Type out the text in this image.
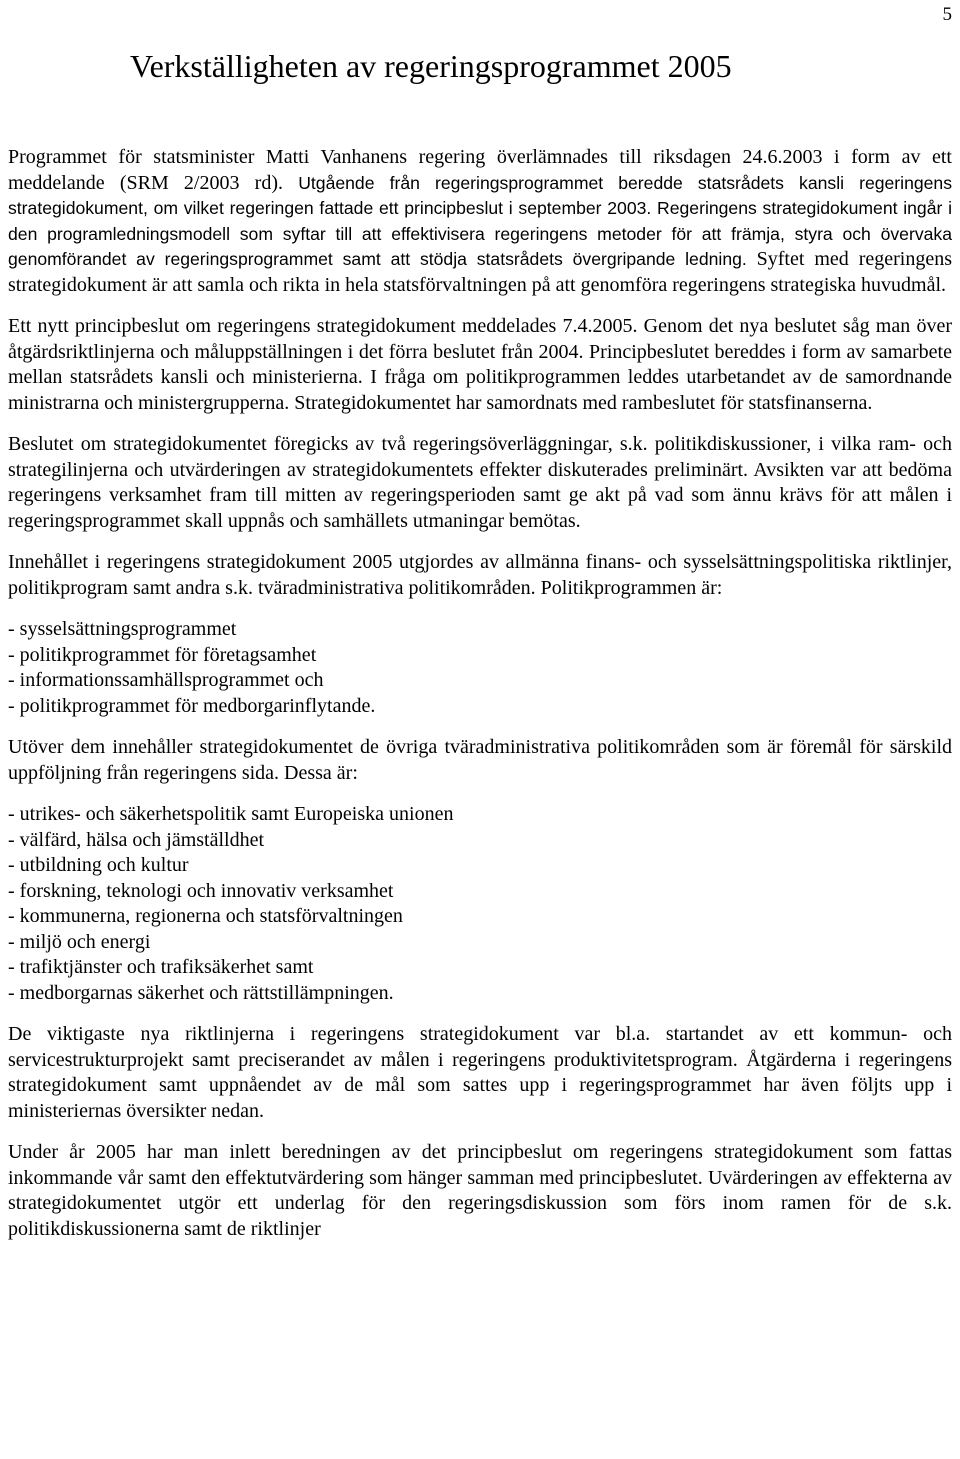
5
Verkställigheten av regeringsprogrammet 2005

Programmet för statsminister Matti Vanhanens regering överlämnades till riksdagen 24.6.2003 i form av ett meddelande (SRM 2/2003 rd). Utgående från regeringsprogrammet beredde statsrådets kansli regeringens strategidokument, om vilket regeringen fattade ett principbeslut i september 2003. Regeringens strategidokument ingår i den programledningsmodell som syftar till att effektivisera regeringens metoder för att främja, styra och övervaka genomförandet av regeringsprogrammet samt att stödja statsrådets övergripande ledning. Syftet med regeringens strategidokument är att samla och rikta in hela statsförvaltningen på att genomföra regeringens strategiska huvudmål.

Ett nytt principbeslut om regeringens strategidokument meddelades 7.4.2005. Genom det nya beslutet såg man över åtgärdsriktlinjerna och måluppställningen i det förra beslutet från 2004. Principbeslutet bereddes i form av samarbete mellan statsrådets kansli och ministerierna. I fråga om politikprogrammen leddes utarbetandet av de samordnande ministrarna och ministergrupperna. Strategidokumentet har samordnats med rambeslutet för statsfinanserna.

Beslutet om strategidokumentet föregicks av två regeringsöverläggningar, s.k. politikdiskussioner, i vilka ram- och strategilinjerna och utvärderingen av strategidokumentets effekter diskuterades preliminärt. Avsikten var att bedöma regeringens verksamhet fram till mitten av regeringsperioden samt ge akt på vad som ännu krävs för att målen i regeringsprogrammet skall uppnås och samhällets utmaningar bemötas.

Innehållet i regeringens strategidokument 2005 utgjordes av allmänna finans- och sysselsättningspolitiska riktlinjer, politikprogram samt andra s.k. tväradministrativa politikområden. Politikprogrammen är:

- sysselsättningsprogrammet
- politikprogrammet för företagsamhet
- informationssamhällsprogrammet och
- politikprogrammet för medborgarinflytande.

Utöver dem innehåller strategidokumentet de övriga tväradministrativa politikområden som är föremål för särskild uppföljning från regeringens sida. Dessa är:

- utrikes- och säkerhetspolitik samt Europeiska unionen
- välfärd, hälsa och jämställdhet
- utbildning och kultur
- forskning, teknologi och innovativ verksamhet
- kommunerna, regionerna och statsförvaltningen
- miljö och energi
- trafiktjänster och trafiksäkerhet samt
- medborgarnas säkerhet och rättstillämpningen.

De viktigaste nya riktlinjerna i regeringens strategidokument var bl.a. startandet av ett kommun- och servicestrukturprojekt samt preciserandet av målen i regeringens produktivitetsprogram. Åtgärderna i regeringens strategidokument samt uppnåendet av de mål som sattes upp i regeringsprogrammet har även följts upp i ministeriernas översikter nedan.

Under år 2005 har man inlett beredningen av det principbeslut om regeringens strategidokument som fattas inkommande vår samt den effektutvärdering som hänger samman med principbeslutet. Uvärderingen av effekterna av strategidokumentet utgör ett underlag för den regeringsdiskussion som förs inom ramen för de s.k. politikdiskussionerna samt de riktlinjer
